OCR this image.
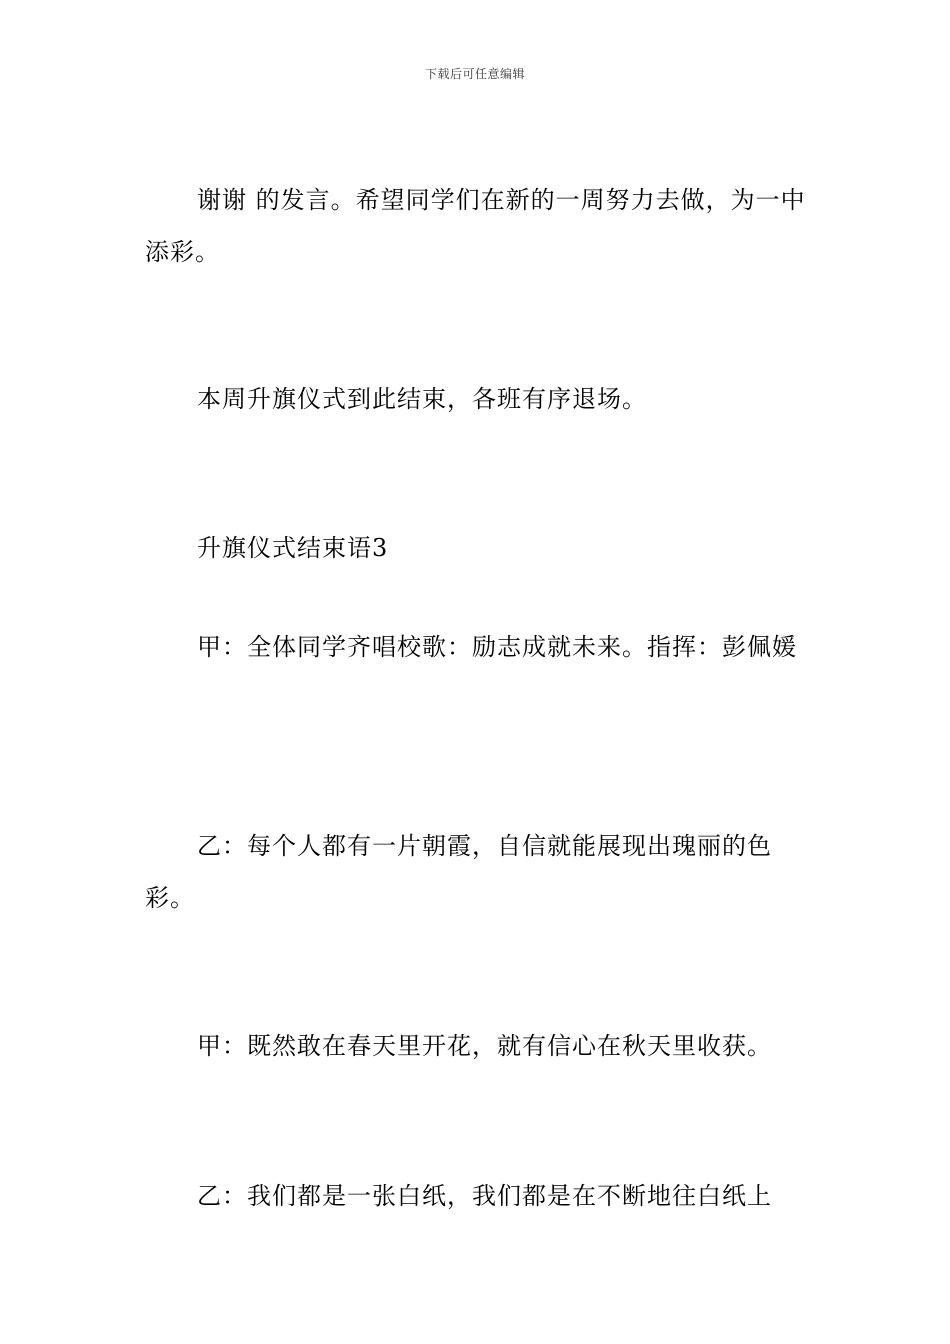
下载后可任意编辑
谢谢 的发言。希望同学们在新的一周努力去做，为一中添彩。
本周升旗仪式到此结束，各班有序退场。
升旗仪式结束语3
甲：全体同学齐唱校歌：励志成就未来。指挥：彭佩媛
乙：每个人都有一片朝霞，自信就能展现出瑰丽的色彩。
甲：既然敢在春天里开花，就有信心在秋天里收获。
乙：我们都是一张白纸，我们都是在不断地往白纸上
